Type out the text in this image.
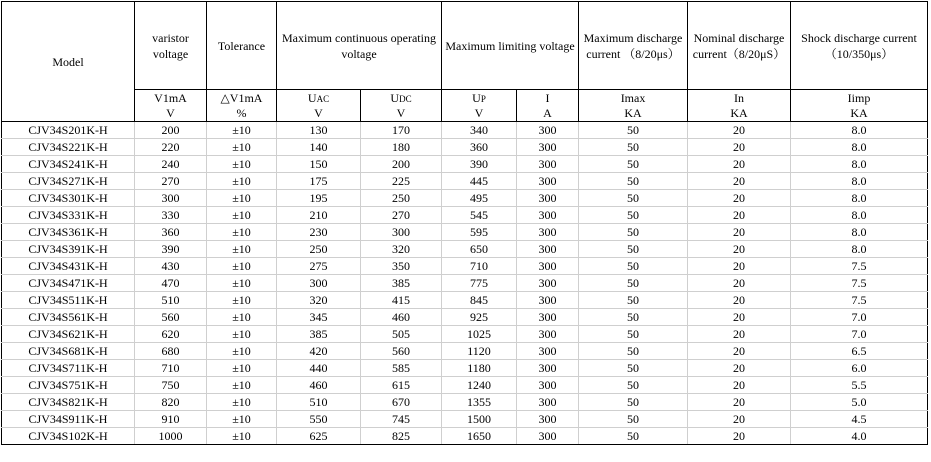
Model	varistor voltage	Tolerance	Maximum continuous operating voltage		Maximum limiting voltage		Maximum discharge current （8/20μs）	Nominal discharge current（8/20μS）	Shock discharge current （10/350μs）
	V1mA	△V1mA	UAC	UDC	UP	I	Imax	In	Iimp
	V	%	V	V	V	A	KA	KA	KA
CJV34S201K-H	200	±10	130	170	340	300	50	20	8.0
CJV34S221K-H	220	±10	140	180	360	300	50	20	8.0
CJV34S241K-H	240	±10	150	200	390	300	50	20	8.0
CJV34S271K-H	270	±10	175	225	445	300	50	20	8.0
CJV34S301K-H	300	±10	195	250	495	300	50	20	8.0
CJV34S331K-H	330	±10	210	270	545	300	50	20	8.0
CJV34S361K-H	360	±10	230	300	595	300	50	20	8.0
CJV34S391K-H	390	±10	250	320	650	300	50	20	8.0
CJV34S431K-H	430	±10	275	350	710	300	50	20	7.5
CJV34S471K-H	470	±10	300	385	775	300	50	20	7.5
CJV34S511K-H	510	±10	320	415	845	300	50	20	7.5
CJV34S561K-H	560	±10	345	460	925	300	50	20	7.0
CJV34S621K-H	620	±10	385	505	1025	300	50	20	7.0
CJV34S681K-H	680	±10	420	560	1120	300	50	20	6.5
CJV34S711K-H	710	±10	440	585	1180	300	50	20	6.0
CJV34S751K-H	750	±10	460	615	1240	300	50	20	5.5
CJV34S821K-H	820	±10	510	670	1355	300	50	20	5.0
CJV34S911K-H	910	±10	550	745	1500	300	50	20	4.5
CJV34S102K-H	1000	±10	625	825	1650	300	50	20	4.0
